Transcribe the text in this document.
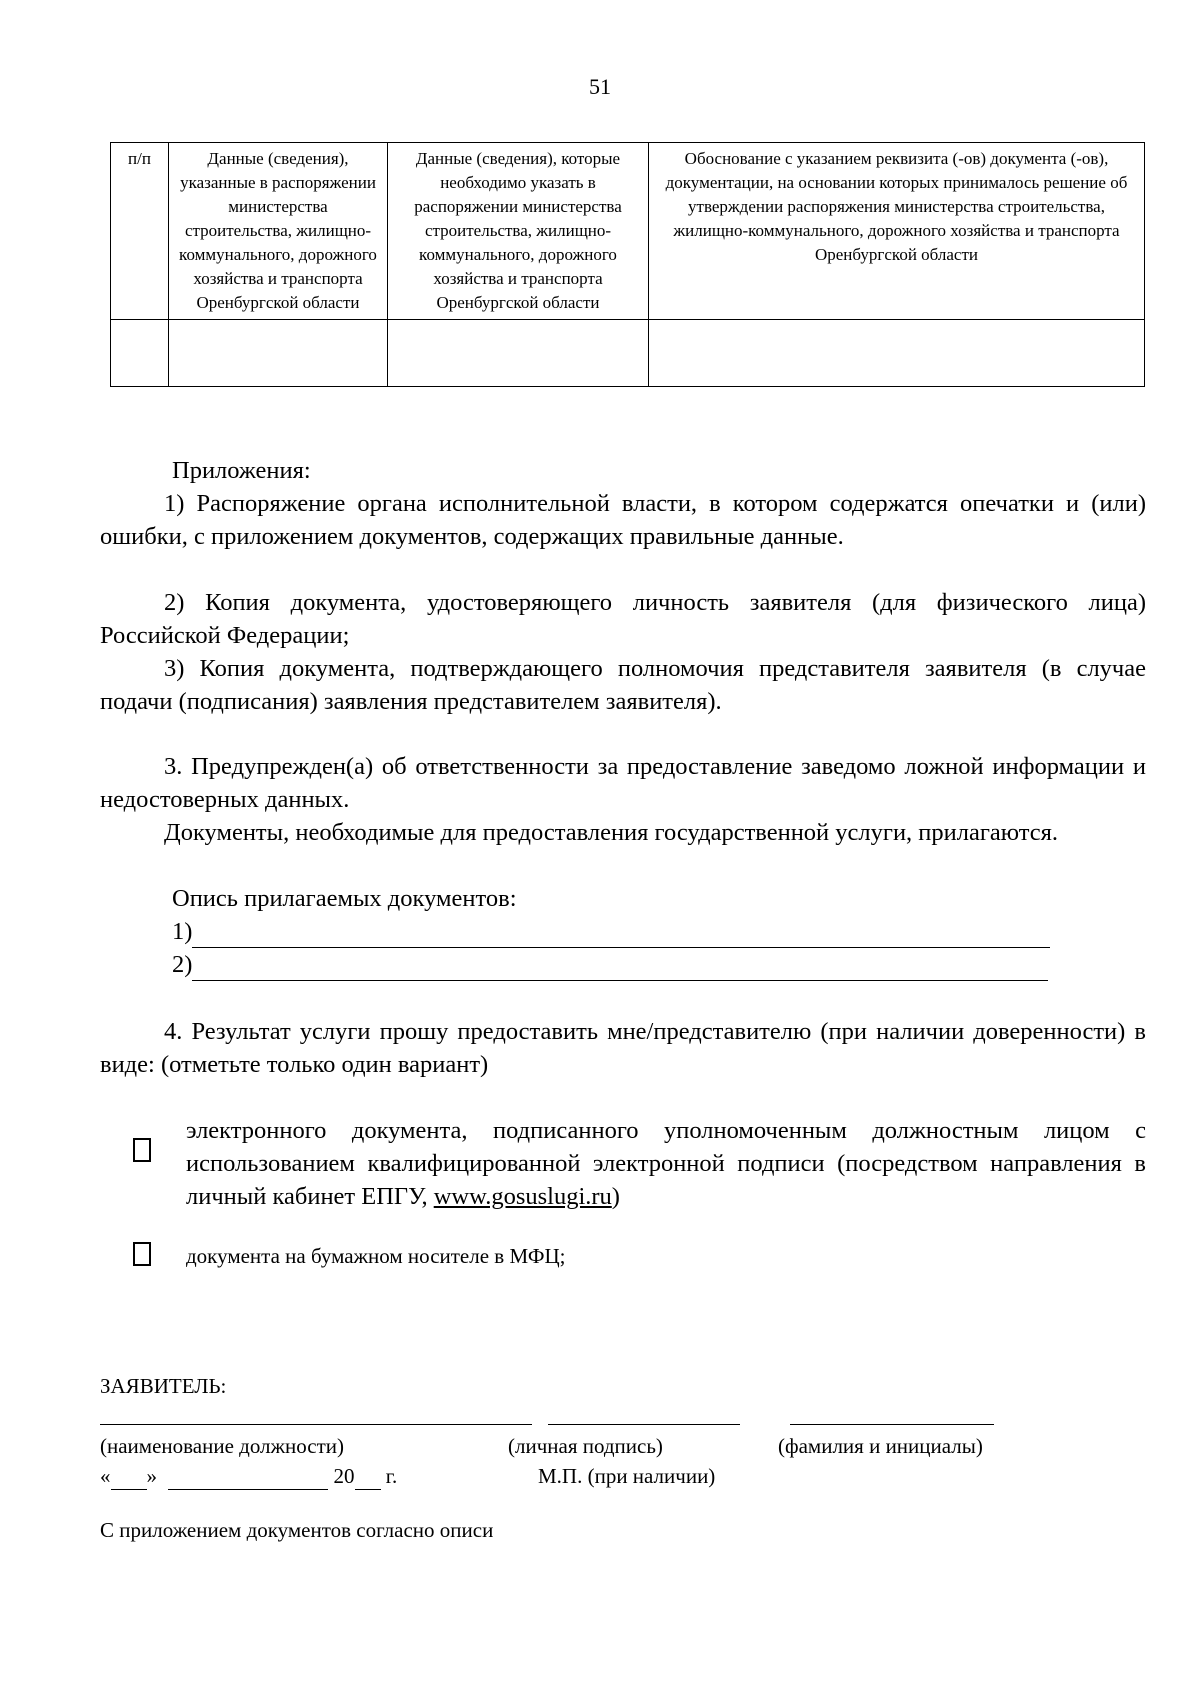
51
п/п	Данные (сведения), указанные в распоряжении министерства строительства, жилищно-коммунального, дорожного хозяйства и транспорта Оренбургской области	Данные (сведения), которые необходимо указать в распоряжении министерства строительства, жилищно-коммунального, дорожного хозяйства и транспорта Оренбургской области	Обоснование с указанием реквизита (-ов) документа (-ов), документации, на основании которых принималось решение об утверждении распоряжения министерства строительства, жилищно-коммунального, дорожного хозяйства и транспорта Оренбургской области

Приложения:
1) Распоряжение органа исполнительной власти, в котором содержатся опечатки и (или) ошибки, с приложением документов, содержащих правильные данные.
2) Копия документа, удостоверяющего личность заявителя (для физического лица) Российской Федерации;
3) Копия документа, подтверждающего полномочия представителя заявителя (в случае подачи (подписания) заявления представителем заявителя).
3. Предупрежден(а) об ответственности за предоставление заведомо ложной информации и недостоверных данных.
Документы, необходимые для предоставления государственной услуги, прилагаются.
Опись прилагаемых документов:
1)
2)
4. Результат услуги прошу предоставить мне/представителю (при наличии доверенности) в виде: (отметьте только один вариант)
электронного документа, подписанного уполномоченным должностным лицом с использованием квалифицированной электронной подписи (посредством направления в личный кабинет ЕПГУ, www.gosuslugi.ru)
документа на бумажном носителе в МФЦ;
ЗАЯВИТЕЛЬ:
(наименование должности)	(личная подпись)	(фамилия и инициалы)
« »	20 г.	М.П. (при наличии)
С приложением документов согласно описи
